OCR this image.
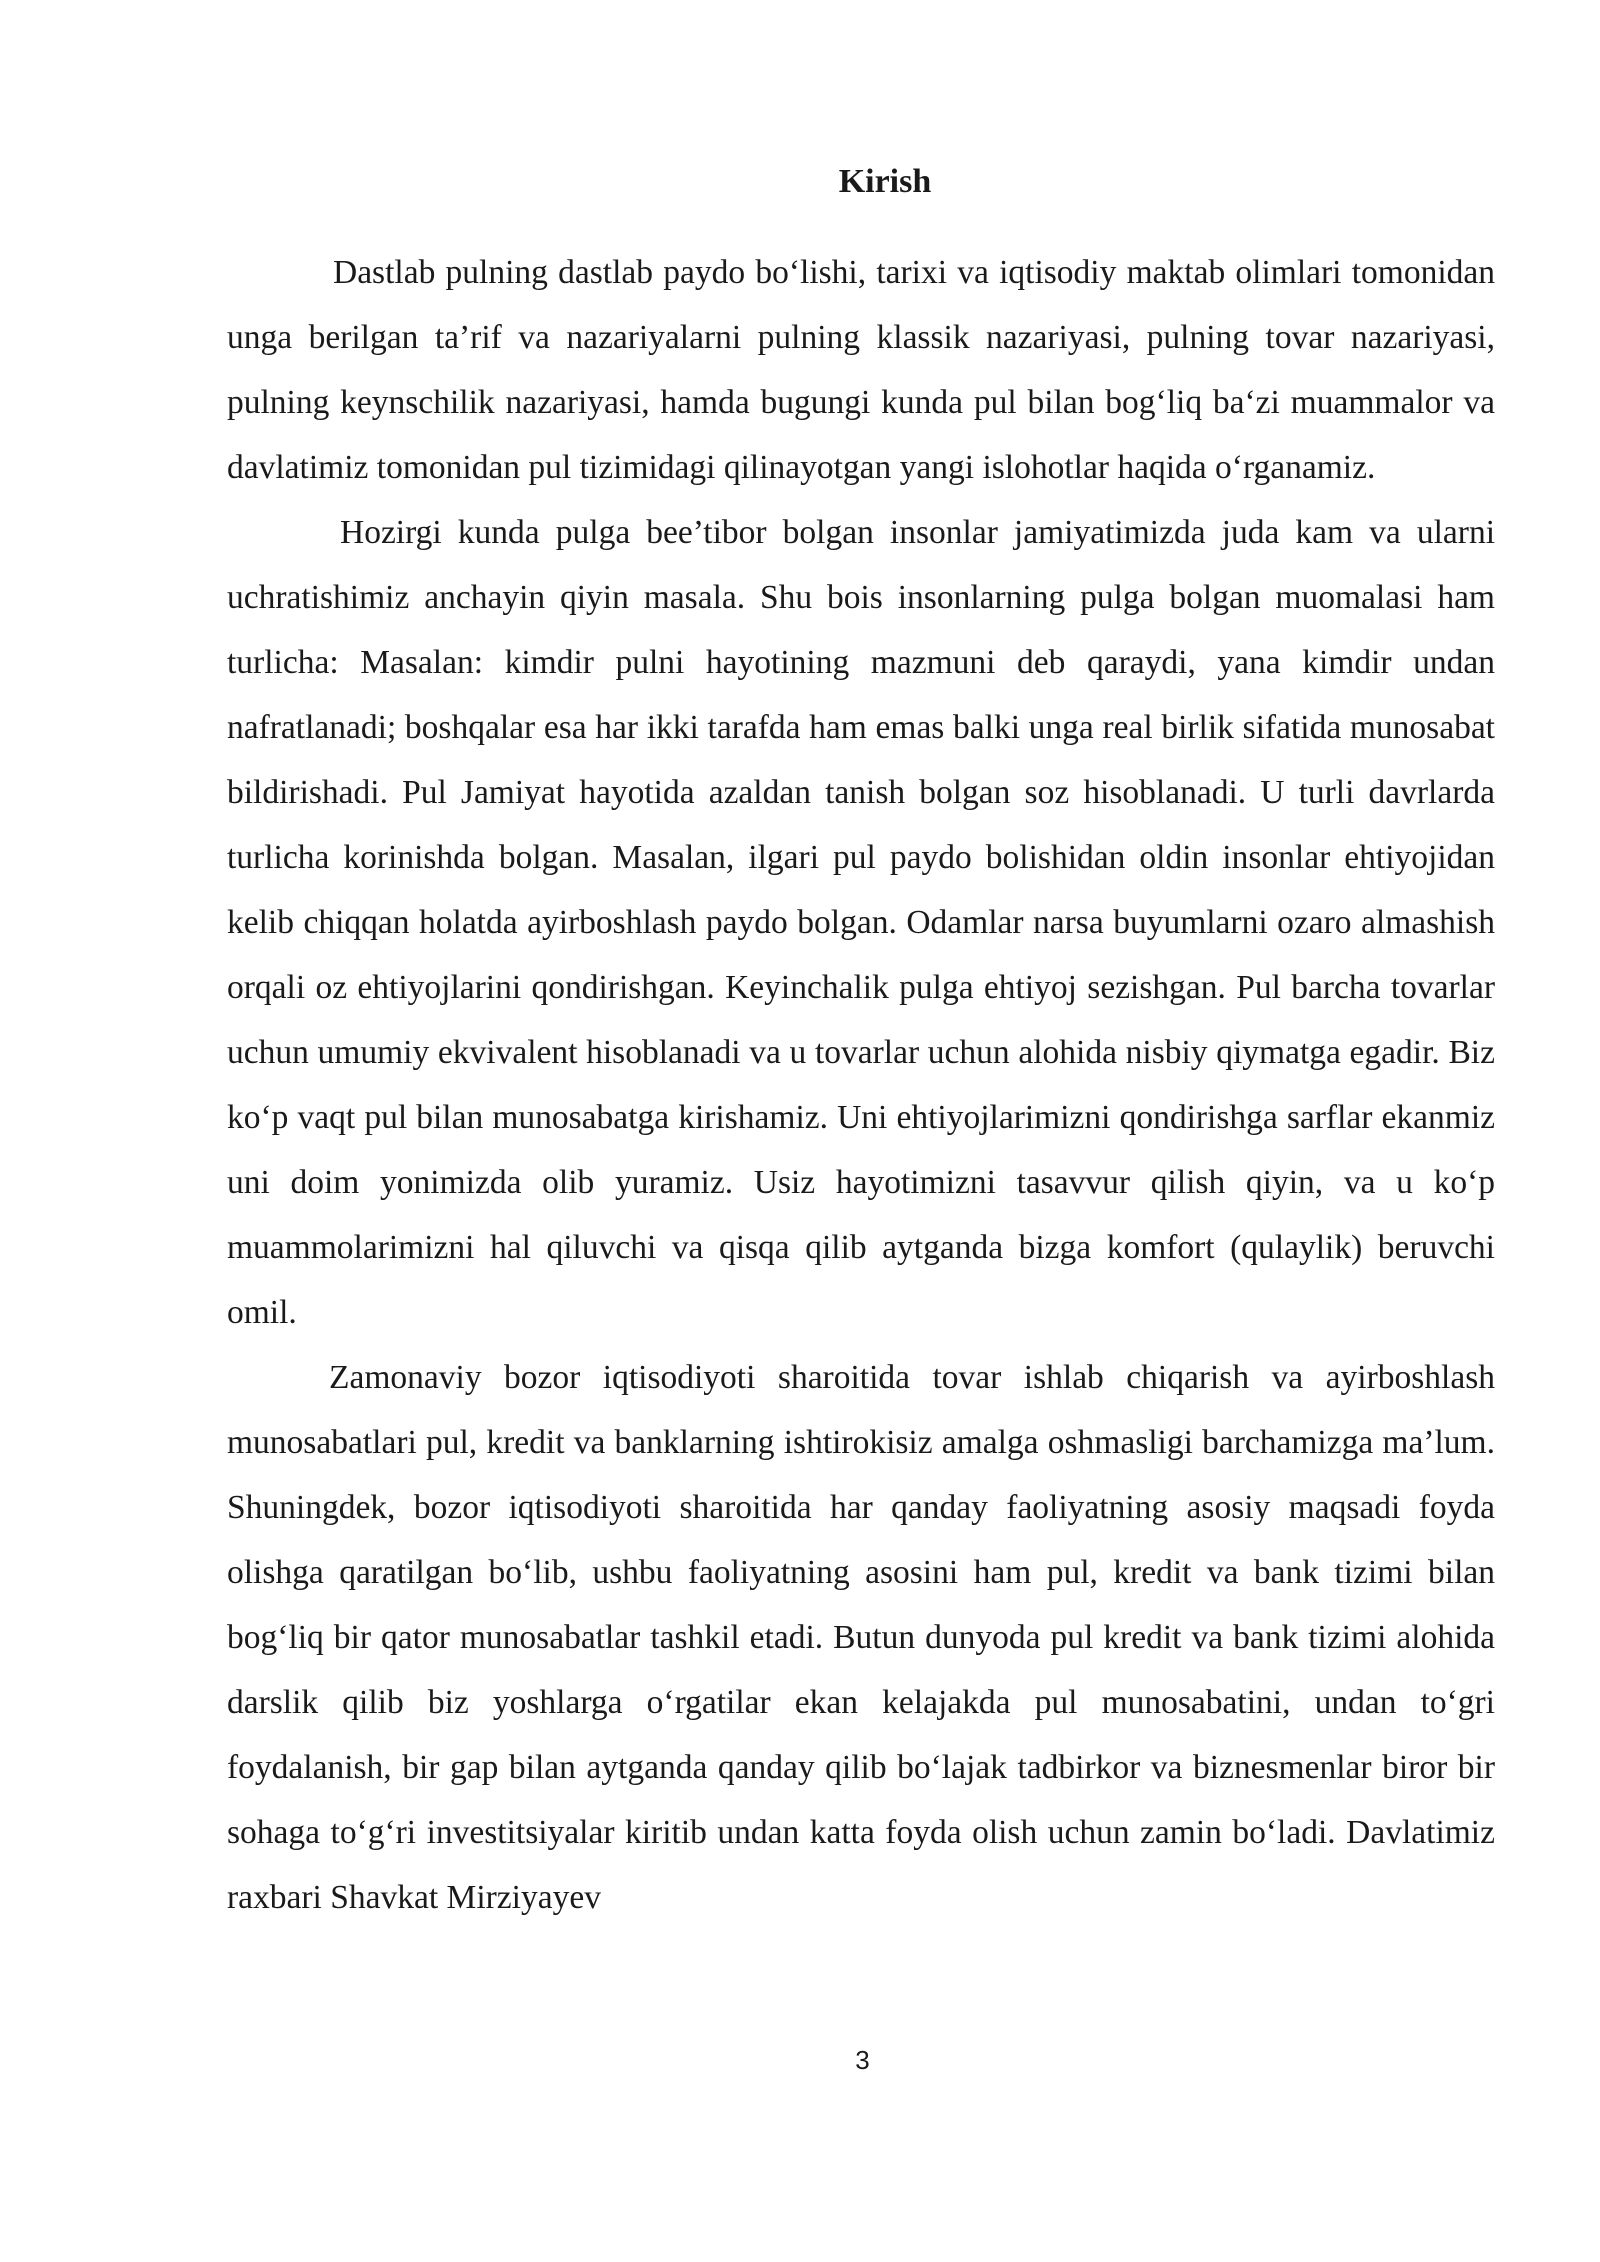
Kirish

Dastlab pulning dastlab paydo bo‘lishi, tarixi va iqtisodiy maktab olimlari tomonidan unga berilgan ta’rif va nazariyalarni pulning klassik nazariyasi, pulning tovar nazariyasi, pulning keynschilik nazariyasi, hamda bugungi kunda pul bilan bog‘liq ba‘zi muammalor va davlatimiz tomonidan pul tizimidagi qilinayotgan yangi islohotlar haqida o‘rganamiz.

Hozirgi kunda pulga bee’tibor bolgan insonlar jamiyatimizda juda kam va ularni uchratishimiz anchayin qiyin masala. Shu bois insonlarning pulga bolgan muomalasi ham turlicha: Masalan: kimdir pulni hayotining mazmuni deb qaraydi, yana kimdir undan nafratlanadi; boshqalar esa har ikki tarafda ham emas balki unga real birlik sifatida munosabat bildirishadi. Pul Jamiyat hayotida azaldan tanish bolgan soz hisoblanadi. U turli davrlarda turlicha korinishda bolgan. Masalan, ilgari pul paydo bolishidan oldin insonlar ehtiyojidan kelib chiqqan holatda ayirboshlash paydo bolgan. Odamlar narsa buyumlarni ozaro almashish orqali oz ehtiyojlarini qondirishgan. Keyinchalik pulga ehtiyoj sezishgan. Pul barcha tovarlar uchun umumiy ekvivalent hisoblanadi va u tovarlar uchun alohida nisbiy qiymatga egadir. Biz ko‘p vaqt pul bilan munosabatga kirishamiz. Uni ehtiyojlarimizni qondirishga sarflar ekanmiz uni doim yonimizda olib yuramiz. Usiz hayotimizni tasavvur qilish qiyin, va u ko‘p muammolarimizni hal qiluvchi va qisqa qilib aytganda bizga komfort (qulaylik) beruvchi omil.

Zamonaviy bozor iqtisodiyoti sharoitida tovar ishlab chiqarish va ayirboshlash munosabatlari pul, kredit va banklarning ishtirokisiz amalga oshmasligi barchamizga ma’lum. Shuningdek, bozor iqtisodiyoti sharoitida har qanday faoliyatning asosiy maqsadi foyda olishga qaratilgan bo‘lib, ushbu faoliyatning asosini ham pul, kredit va bank tizimi bilan bog‘liq bir qator munosabatlar tashkil etadi. Butun dunyoda pul kredit va bank tizimi alohida darslik qilib biz yoshlarga o‘rgatilar ekan kelajakda pul munosabatini, undan to‘gri foydalanish, bir gap bilan aytganda qanday qilib bo‘lajak tadbirkor va biznesmenlar biror bir sohaga to‘g‘ri investitsiyalar kiritib undan katta foyda olish uchun zamin bo‘ladi. Davlatimiz raxbari Shavkat Mirziyayev

3
